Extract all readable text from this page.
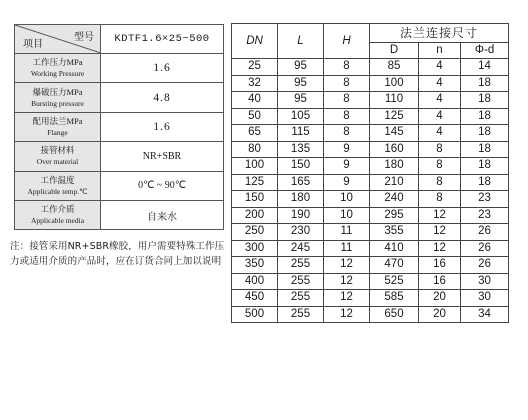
型号
项目	KDTF1.6×25~500

工作压力MPa
Working Pressure	1.6

爆破压力MPa
Bursting pressure	4.8

配用法兰MPa
Flange	1.6

接管材料
Over material	NR+SBR

工作温度
Applicable temp.℃	0℃ ~ 90℃

工作介质
Applicable media	自来水
注：接管采用NR+SBR橡胶，用户需要特殊工作压力或适用介质的产品时，应在订货合同上加以说明
DN	L	H	法兰连接尺寸		
			D	n	Φ-d
25	95	8	85	4	14
32	95	8	100	4	18
40	95	8	110	4	18
50	105	8	125	4	18
65	115	8	145	4	18
80	135	9	160	8	18
100	150	9	180	8	18
125	165	9	210	8	18
150	180	10	240	8	23
200	190	10	295	12	23
250	230	11	355	12	26
300	245	11	410	12	26
350	255	12	470	16	26
400	255	12	525	16	30
450	255	12	585	20	30
500	255	12	650	20	34
